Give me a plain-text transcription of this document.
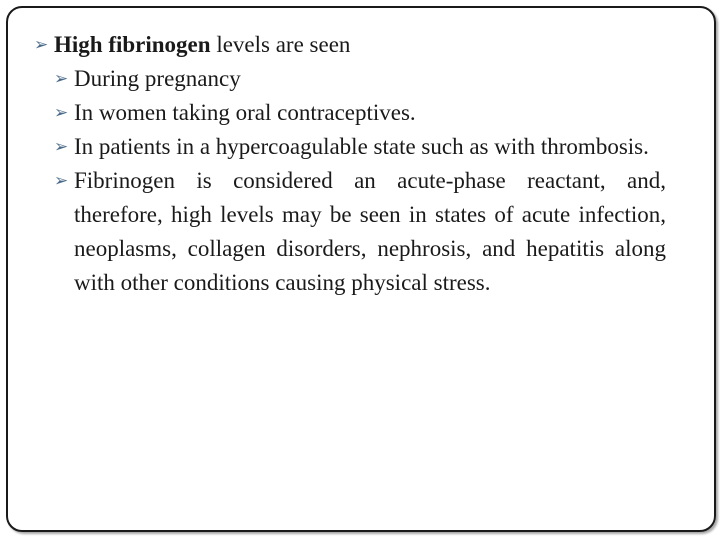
➢ High fibrinogen levels are seen
➢ During pregnancy
➢ In women taking oral contraceptives.
➢ In patients in a hypercoagulable state such as with thrombosis.
➢ Fibrinogen is considered an acute-phase reactant, and, therefore, high levels may be seen in states of acute infection, neoplasms, collagen disorders, nephrosis, and hepatitis along with other conditions causing physical stress.
